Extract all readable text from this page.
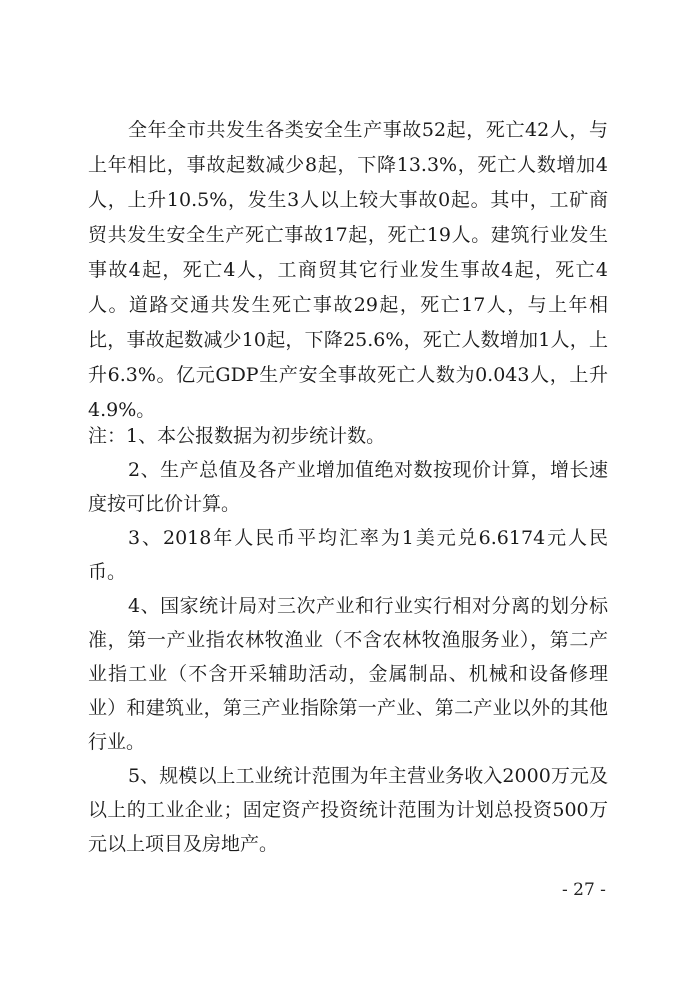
全年全市共发生各类安全生产事故52起，死亡42人，与上年相比，事故起数减少8起，下降13.3%，死亡人数增加4人，上升10.5%，发生3人以上较大事故0起。其中，工矿商贸共发生安全生产死亡事故17起，死亡19人。建筑行业发生事故4起，死亡4人，工商贸其它行业发生事故4起，死亡4人。道路交通共发生死亡事故29起，死亡17人，与上年相比，事故起数减少10起，下降25.6%，死亡人数增加1人，上升6.3%。亿元GDP生产安全事故死亡人数为0.043人，上升4.9%。

注：1、本公报数据为初步统计数。

2、生产总值及各产业增加值绝对数按现价计算，增长速度按可比价计算。

3、2018年人民币平均汇率为1美元兑6.6174元人民币。

4、国家统计局对三次产业和行业实行相对分离的划分标准，第一产业指农林牧渔业（不含农林牧渔服务业），第二产业指工业（不含开采辅助活动，金属制品、机械和设备修理业）和建筑业，第三产业指除第一产业、第二产业以外的其他行业。

5、规模以上工业统计范围为年主营业务收入2000万元及以上的工业企业；固定资产投资统计范围为计划总投资500万元以上项目及房地产。

- 27 -
